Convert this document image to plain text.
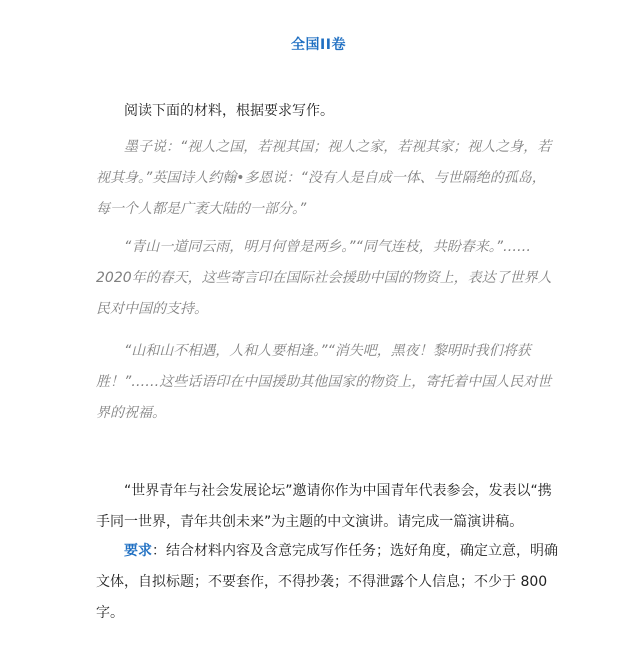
全国II卷

阅读下面的材料，根据要求写作。

墨子说：“视人之国，若视其国；视人之家，若视其家；视人之身，若视其身。”英国诗人约翰•多恩说：“没有人是自成一体、与世隔绝的孤岛，每一个人都是广袤大陆的一部分。”

“青山一道同云雨，明月何曾是两乡。”“同气连枝，共盼春来。”……2020年的春天，这些寄言印在国际社会援助中国的物资上，表达了世界人民对中国的支持。

“山和山不相遇，人和人要相逢。”“消失吧，黑夜！黎明时我们将获胜！”……这些话语印在中国援助其他国家的物资上，寄托着中国人民对世界的祝福。

“世界青年与社会发展论坛”邀请你作为中国青年代表参会，发表以“携手同一世界，青年共创未来”为主题的中文演讲。请完成一篇演讲稿。

要求：结合材料内容及含意完成写作任务；选好角度，确定立意，明确文体，自拟标题；不要套作，不得抄袭；不得泄露个人信息；不少于 800 字。
